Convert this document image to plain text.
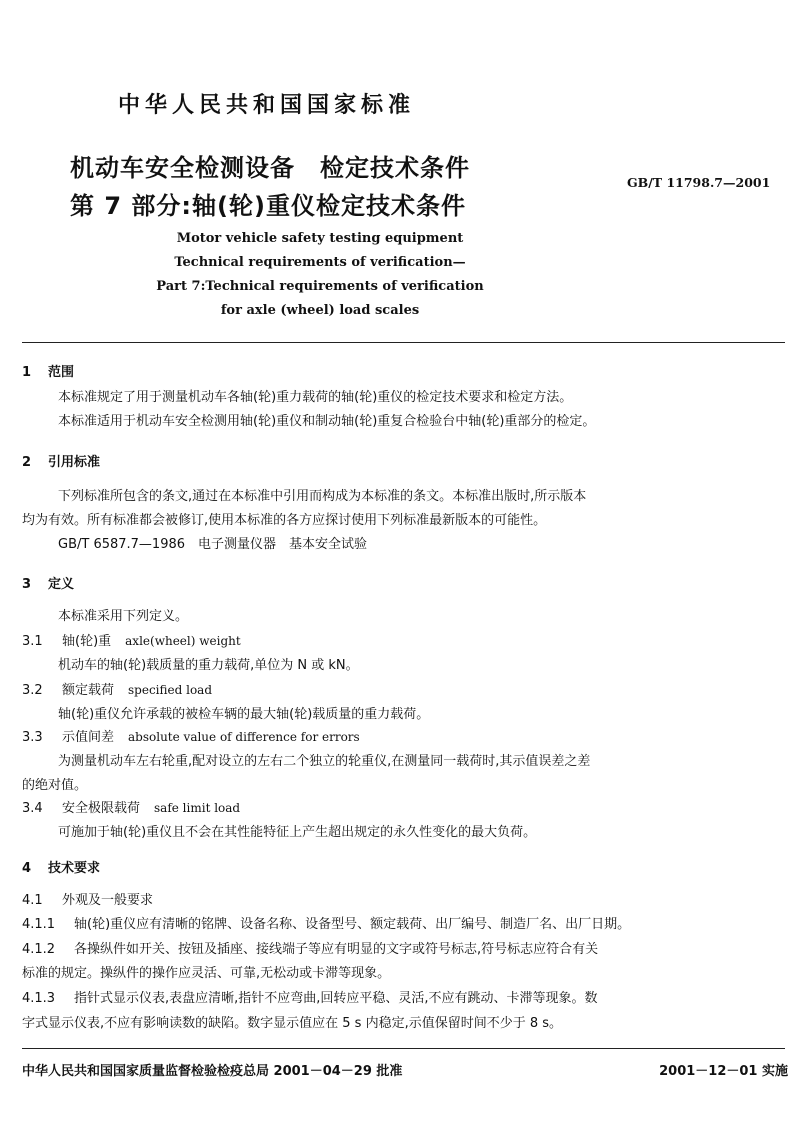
中华人民共和国国家标准
机动车安全检测设备　检定技术条件
第 7 部分:轴(轮)重仪检定技术条件
GB/T 11798.7—2001
Motor vehicle safety testing equipment
Technical requirements of verification—
Part 7:Technical requirements of verification
for axle (wheel) load scales
1 范围
本标准规定了用于测量机动车各轴(轮)重力载荷的轴(轮)重仪的检定技术要求和检定方法。
本标准适用于机动车安全检测用轴(轮)重仪和制动轴(轮)重复合检验台中轴(轮)重部分的检定。
2 引用标准
下列标准所包含的条文,通过在本标准中引用而构成为本标准的条文。本标准出版时,所示版本
均为有效。所有标准都会被修订,使用本标准的各方应探讨使用下列标准最新版本的可能性。
GB/T 6587.7—1986　电子测量仪器　基本安全试验
3 定义
本标准采用下列定义。
3.1 轴(轮)重 axle(wheel) weight
机动车的轴(轮)载质量的重力载荷,单位为 N 或 kN。
3.2 额定载荷 specified load
轴(轮)重仪允许承载的被检车辆的最大轴(轮)载质量的重力载荷。
3.3 示值间差 absolute value of difference for errors
为测量机动车左右轮重,配对设立的左右二个独立的轮重仪,在测量同一载荷时,其示值误差之差
的绝对值。
3.4 安全极限载荷 safe limit load
可施加于轴(轮)重仪且不会在其性能特征上产生超出规定的永久性变化的最大负荷。
4 技术要求
4.1 外观及一般要求
4.1.1 轴(轮)重仪应有清晰的铭牌、设备名称、设备型号、额定载荷、出厂编号、制造厂名、出厂日期。
4.1.2 各操纵件如开关、按钮及插座、接线端子等应有明显的文字或符号标志,符号标志应符合有关
标准的规定。操纵件的操作应灵活、可靠,无松动或卡滞等现象。
4.1.3 指针式显示仪表,表盘应清晰,指针不应弯曲,回转应平稳、灵活,不应有跳动、卡滞等现象。数
字式显示仪表,不应有影响读数的缺陷。数字显示值应在 5 s 内稳定,示值保留时间不少于 8 s。
中华人民共和国国家质量监督检验检疫总局 2001－04－29 批准	2001－12－01 实施
